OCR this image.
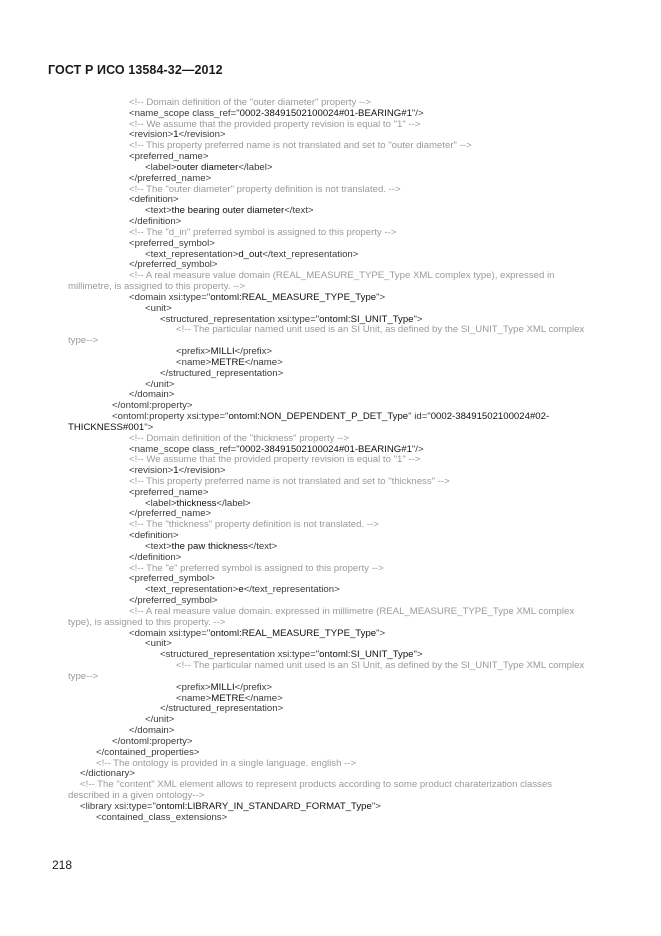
ГОСТ Р ИСО 13584-32—2012
<!-- Domain definition of the "outer diameter" property -->
<name_scope class_ref="0002-38491502100024#01-BEARING#1"/>
<!-- We assume that the provided property revision is equal to "1" -->
<revision>1</revision>
<!-- This property preferred name is not translated and set to "outer diameter" -->
<preferred_name>
<label>outer diameter</label>
</preferred_name>
<!-- The "outer diameter" property definition is not translated. -->
<definition>
<text>the bearing outer diameter</text>
</definition>
<!-- The "d_in" preferred symbol is assigned to this property -->
<preferred_symbol>
<text_representation>d_out</text_representation>
</preferred_symbol>
<!-- A real measure value domain (REAL_MEASURE_TYPE_Type XML complex type), expressed in
millimetre, is assigned to this property. -->
<domain xsi:type="ontoml:REAL_MEASURE_TYPE_Type">
<unit>
<structured_representation xsi:type="ontoml:SI_UNIT_Type">
<!-- The particular named unit used is an SI Unit, as defined by the SI_UNIT_Type XML complex
type-->
<prefix>MILLI</prefix>
<name>METRE</name>
</structured_representation>
</unit>
</domain>
</ontoml:property>
<ontoml:property xsi:type="ontoml:NON_DEPENDENT_P_DET_Type" id="0002-38491502100024#02-
THICKNESS#001">
<!-- Domain definition of the "thickness" property -->
<name_scope class_ref="0002-38491502100024#01-BEARING#1"/>
<!-- We assume that the provided property revision is equal to "1" -->
<revision>1</revision>
<!-- This property preferred name is not translated and set to "thickness" -->
<preferred_name>
<label>thickness</label>
</preferred_name>
<!-- The "thickness" property definition is not translated. -->
<definition>
<text>the paw thickness</text>
</definition>
<!-- The "e" preferred symbol is assigned to this property -->
<preferred_symbol>
<text_representation>e</text_representation>
</preferred_symbol>
<!-- A real measure value domain. expressed in millimetre (REAL_MEASURE_TYPE_Type XML complex
type), is assigned to this property. -->
<domain xsi:type="ontoml:REAL_MEASURE_TYPE_Type">
<unit>
<structured_representation xsi:type="ontoml:SI_UNIT_Type">
<!-- The particular named unit used is an SI Unit, as defined by the SI_UNIT_Type XML complex
type-->
<prefix>MILLI</prefix>
<name>METRE</name>
</structured_representation>
</unit>
</domain>
</ontoml:property>
</contained_properties>
<!-- The ontology is provided in a single language. english -->
</dictionary>
<!-- The "content" XML element allows to represent products according to some product charaterization classes
described in a given ontology-->
<library xsi:type="ontoml:LIBRARY_IN_STANDARD_FORMAT_Type">
<contained_class_extensions>
218
